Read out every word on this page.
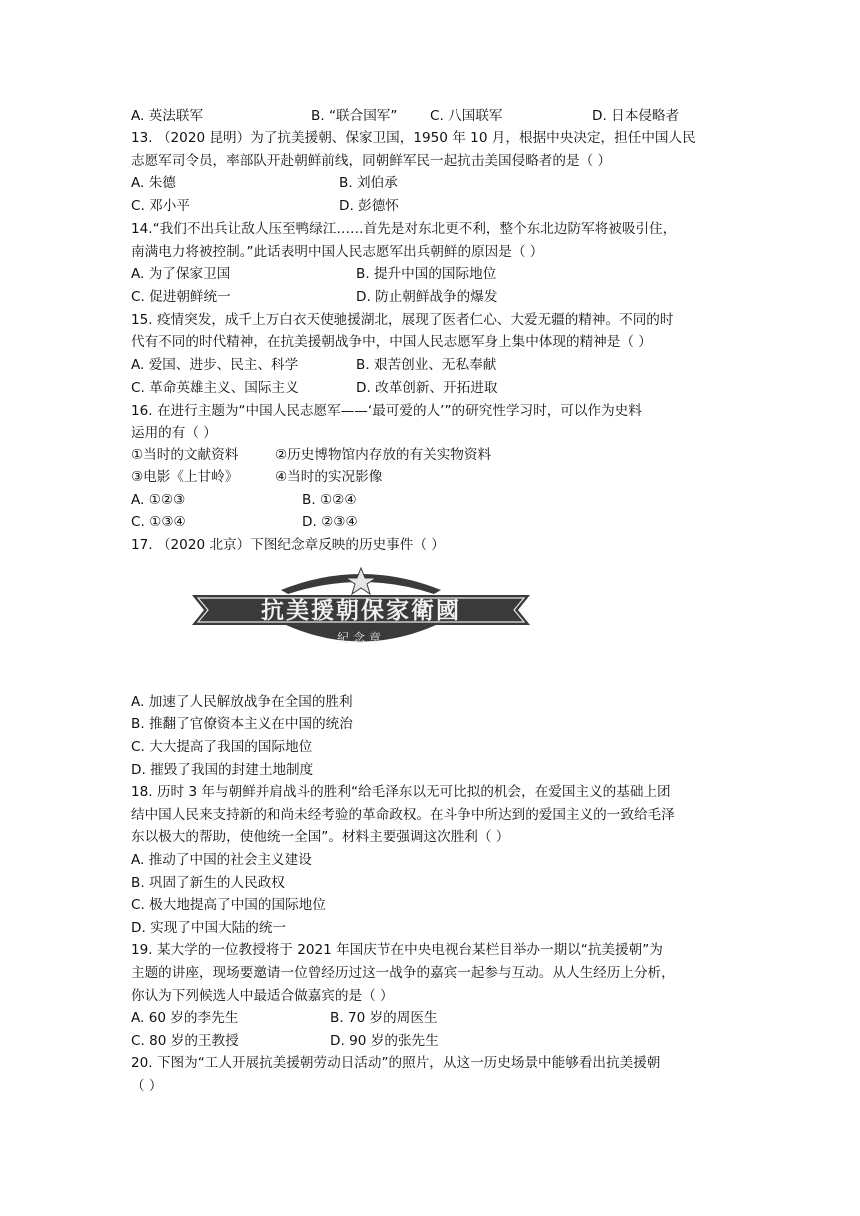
A. 英法联军	B. “联合国军” C. 八国联军	D. 日本侵略者
13. （2020 昆明）为了抗美援朝、保家卫国，1950 年 10 月，根据中央决定，担任中国人民
志愿军司令员，率部队开赴朝鲜前线，同朝鲜军民一起抗击美国侵略者的是（ ）
A. 朱德	B. 刘伯承
C. 邓小平	D. 彭德怀
14.“我们不出兵让敌人压至鸭绿江……首先是对东北更不利，整个东北边防军将被吸引住，
南满电力将被控制。”此话表明中国人民志愿军出兵朝鲜的原因是（ ）
A. 为了保家卫国	B. 提升中国的国际地位
C. 促进朝鲜统一	D. 防止朝鲜战争的爆发
15. 疫情突发，成千上万白衣天使驰援湖北，展现了医者仁心、大爱无疆的精神。不同的时
代有不同的时代精神，在抗美援朝战争中，中国人民志愿军身上集中体现的精神是（ ）
A. 爱国、进步、民主、科学	B. 艰苦创业、无私奉献
C. 革命英雄主义、国际主义	D. 改革创新、开拓进取
16. 在进行主题为“中国人民志愿军——‘最可爱的人’”的研究性学习时，可以作为史料
运用的有（ ）
①当时的文献资料	②历史博物馆内存放的有关实物资料
③电影《上甘岭》	④当时的实况影像
A. ①②③	B. ①②④
C. ①③④	D. ②③④
17. （2020 北京）下图纪念章反映的历史事件（ ）
抗美援朝保家衛國
紀念章
A. 加速了人民解放战争在全国的胜利
B. 推翻了官僚资本主义在中国的统治
C. 大大提高了我国的国际地位
D. 摧毁了我国的封建土地制度
18. 历时 3 年与朝鲜并肩战斗的胜利“给毛泽东以无可比拟的机会，在爱国主义的基础上团
结中国人民来支持新的和尚未经考验的革命政权。在斗争中所达到的爱国主义的一致给毛泽
东以极大的帮助，使他统一全国”。材料主要强调这次胜利（ ）
A. 推动了中国的社会主义建设
B. 巩固了新生的人民政权
C. 极大地提高了中国的国际地位
D. 实现了中国大陆的统一
19. 某大学的一位教授将于 2021 年国庆节在中央电视台某栏目举办一期以“抗美援朝”为
主题的讲座，现场要邀请一位曾经历过这一战争的嘉宾一起参与互动。从人生经历上分析，
你认为下列候选人中最适合做嘉宾的是（ ）
A. 60 岁的李先生	B. 70 岁的周医生
C. 80 岁的王教授	D. 90 岁的张先生
20. 下图为“工人开展抗美援朝劳动日活动”的照片，从这一历史场景中能够看出抗美援朝
（ ）
